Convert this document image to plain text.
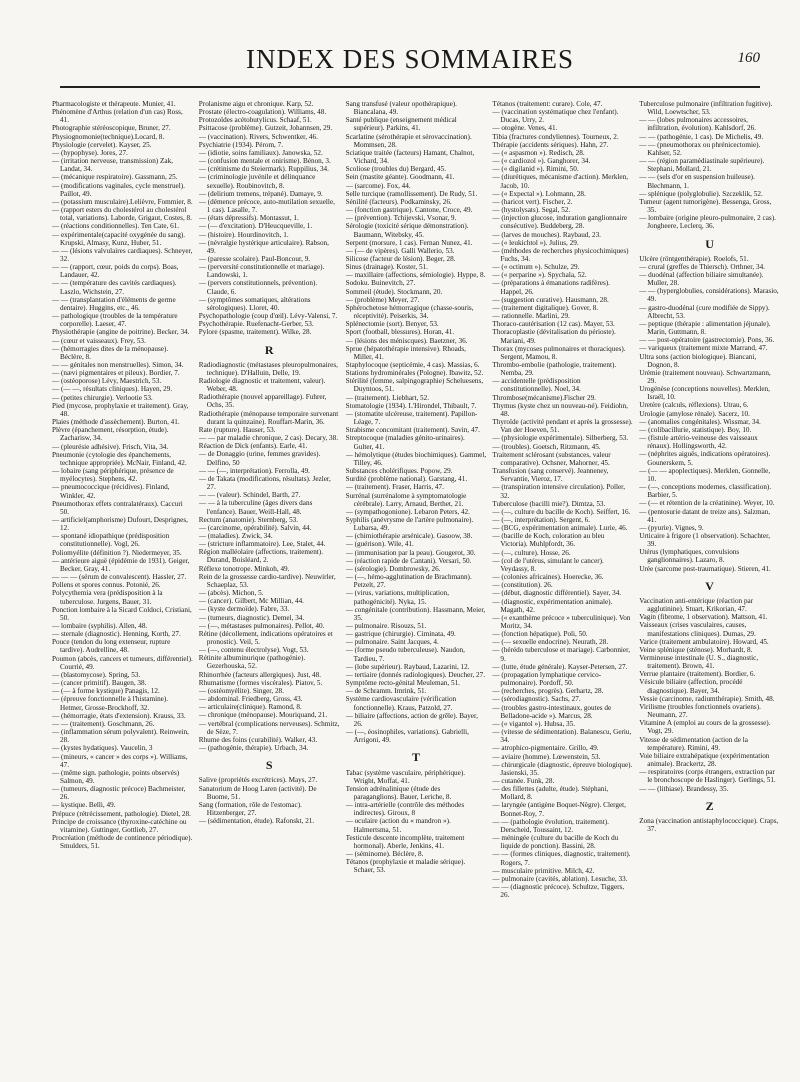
INDEX DES SOMMAIRES	160
Pharmacologiste et thérapeute. Munier, 41.
Phénomène d'Arthus (relation d'un cas) Ross, 41.
Photographie stéréoscopique, Bruner, 27.
Physiognomonie(technique).Locard, 8.
Physiologie (cervelet). Kayser, 25.
— (hypophyse). Jores, 27.
— (irritation nerveuse, transmission) Zak, Landat, 34.
— (mécanique respiratoire). Gassmann, 25.
— (modifications vaginales, cycle menstruel). Paillot, 49.
— (potassium musculaire).Lelièvre, Fommier, 8.
— (rapport esters du cholestérol au cholestérol total, variations). Laborde, Grigaut, Costes, 8.
— (réactions conditionnelles). Ten Cate, 61.
— expérimentale(capacité oxygénée du sang). Krupski, Almasy, Kunz, Huber, 51.
— — (lésions valvulaires cardiaques). Schneyer, 32.
— — (rapport, cœur, poids du corps). Boas, Landauer, 42.
— — (température des cavités cardiaques). Laszlo, Wichstein, 27.
— — (transplantation d'éléments de germe dentaire). Huggins, etc., 46.
— pathologique (troubles de la température corporelle). Laeser, 47.
Physiothérapie (angine de poitrine). Becker, 34.
— (cœur et vaisseaux). Frey, 53.
— (hémorragies dites de la ménopause). Béclère, 8.
— — génitales non menstruelles). Simon, 34.
— (nævi pigmentaires et pileux). Bordier, 7.
— (ostéoporose) Lévy, Maestrich, 53.
— (— —, résultats cliniques). Hayen, 29.
— (petites chirurgie). Verlootie 53.
Pied (mycose, prophylaxie et traitement). Gray, 48.
Plaies (méthode d'assèchement). Burton, 41.
Plèvre (épanchement, résorption, étude). Zacharisw, 34.
— (pleurésie adhésive). Frisch, Vita, 34.
Pneumonie (cytologie des épanchements, technique appropriée). McNair, Finland, 42.
— lobaire (sang périphérique, présence de myélocytes). Stephens, 42.
— pneumococcique (récidives). Finland, Winkler, 42.
Pneumothorax effets contralatéraux). Caccuri 50.
— artificiel(amphorisme) Dufourt, Desprignes, 12.
— spontané idiopathique (prédisposition constitutionnelle). Vogl, 26.
Poliomyélite (définition ?). Niedermeyer, 35.
— antérieure aiguë (épidémie de 1931). Geiger, Becker, Gray, 41.
— — — (sérum de convalescent). Hassler, 27.
Pollens et spores connus. Potonié, 26.
Polycythemia vera (prédisposition à la tuberculose. Jurgens, Bauer, 31.
Ponction lombaire à la Sicard Coldoci, Cristiani, 50.
— lombaire (syphilis). Allen, 48.
— sternale (diagnostic). Henning, Korth, 27.
Pouce (tendon du long extenseur, rupture tardive). Audrelline, 48.
Poumon (abcès, cancers et tumeurs, différentiel). Courrié, 49.
— (blastomycose). Spring, 53.
— (cancer primitif). Baugen, 38.
— (— à forme kystique) Panagis, 12.
— (épreuve fonctionnelle à l'histamine). Hetmer, Grosse-Brockhoff, 32.
— (hémorragie, états d'extension). Krauss, 33.
— — (traitement). Goschmann, 26.
— (inflammation sérum polyvalent). Reinwein, 28.
— (kystes hydatiques). Vaucelin, 3
— (mineurs, « cancer » des corps »). Williams, 47.
— (même sign. pathologie, points observés) Salmon, 49.
— (tumeurs, diagnostic précoce) Bachmeister, 26.
— kystique. Belli, 49.
Prépuce (rétrécissement, pathologie). Dietel, 28.
Principe de croissance (thyroxine-catéchine ou vitamine). Guttinger, Gottlieb, 27.
Procréation (méthode de continence périodique). Smulders, 51.
Prolanisme aigu et chronique. Karp, 52.
Prostate (électro-coagulation). Williams, 48.
Protozoïdes acétobutylicus. Schaaf, 51.
Psittacose (problème). Gutzeit, Johannsen, 29.
— (vaccination). Rivers, Schwentker, 46.
Psychiatrie (1934). Pérom, 7.
— (idiotie, soins familiaux). Janowska, 52.
— (confusion mentale et onirisme). Bénon, 3.
— (crétinisme du Steiermark). Ruppilius, 34.
— (criminologie juvénile et délinquance sexuelle). Roubinovitch, 8.
— (delirium tremens, trépané). Damaye, 9.
— (démence précoce, auto-mutilation sexuelle, 1 cas). Lasalle, 7.
— (états dépressifs). Montassut, 1.
— (— d'excitation). D'Heucqueville, 1.
— (histoire). Hourdinovitch, 1.
— (névralgie hystérique articulaire). Rabson, 49.
— (paresse scolaire). Paul-Boncour, 9.
— (perversité constitutionnelle et mariage). Landowski, 1.
— (pervers constitutionnels, prévention). Claude, 6.
— (symptômes somatiques, altérations sérologiques). Lloret, 40.
Psychopathologie (coup d'œil). Lévy-Valensi, 7.
Psychothérapie. Ruefenacht-Gerber, 53.
Pylore (spasme, traitement). Wilke, 28.
R
Radiodiagnostic (métastases pleuropulmonaires, technique). D'Halluin, Delle, 19.
Radiologie diagnostic et traitement, valeur). Weber, 48.
Radiothérapie (nouvel appareillage). Fuhrer, Ochs, 35.
Radiothérapie (ménopause temporaire survenant durant la quinzaine). Rouffart-Marin, 36.
Rate (rupture). Hauser, 53.
— — par maladie chronique, 2 cas). Decary, 38.
Réaction de Dick (enfants). Earle, 41.
— de Donaggio (urine, femmes gravides). Delfino, 50
— — (—, interprétation). Ferrolla, 49.
— de Takata (modifications, résultats). Jezler, 27.
— — (valeur). Schindel, Barth, 27.
— — à la tuberculine (âges divers dans l'enfance). Bauer, Weill-Hall, 48.
Rectum (anatomie). Sternberg, 53.
— (carcinome, opérabilité). Salvin, 44.
— (maladies). Zwick, 34.
— (stricture inflammatoire). Lee, Stalet, 44.
Région malléolaire (affections, traitement). Durand, Boisléard, 2.
Réflexe tonotrope. Minkoh, 49.
Rein de la grossesse cardio-tardive). Neuwirler, Schaeplaz, 53.
— (abcès). Michon, 5.
— (cancer). Gilbert, Mc Millian, 44.
— (kyste dermoïde). Fabre, 33.
— (tumeurs, diagnostic). Demel, 34.
— (—, métastases pulmonaires). Pellot, 40.
Rétine (décollement, indications opératoires et pronostic). Veil, 5.
— (—, contenu électrolyse). Vogt, 53.
Rétinite albuminurique (pathogénie). Gezerhouska, 52.
Rhinorrhée (facteurs allergiques). Just, 48.
Rhumatisme (formes viscérales). Piatov, 5.
— (ostéomyélite). Singer, 28.
— abdominal. Friedberg, Gross, 43.
— articulaire(clinique). Ramond, 8.
— chronique (ménopause). Mouriquand, 21.
— vertébral (complications nerveuses). Schmitz, de Sèze, 7.
Rhume des foins (curabilité). Walker, 43.
— (pathogénie, thérapie). Urbach, 34.
S
Salive (propriétés excrétrices). Mays, 27.
Sanatorium de Hoog Laren (activité). De Buome, 51.
Sang (formation, rôle de l'estomac). Hitzenberger, 27.
— (sédimentation, étude). Rafonskt, 21.
Sang transfusé (valeur opothérapique). Biancalana, 49.
Santé publique (enseignement médical supérieur). Parkins, 41.
Scarlatine (sérothérapie et sérovaccination). Mommsen, 28.
Sciatique traitée (facteurs) Hamant, Chalnot, Vichard, 34.
Scoliose (troubles du) Bergard, 45.
Sein (mastite géante). Goodmann, 41.
— (sarcome). Fox, 44.
Selle turcique (ramollissement). De Rudy, 51.
Sénilité (facteurs). Podkaminsky, 26.
— (fonction gastrique). Cantone, Croce, 49.
— (prévention). Tchijevski, Vsonar, 9.
Sérologie (toxicité sérique démonstration). Baumann, Witebsky, 45.
Serpent (morsure, 1 cas). Fernan Nunez, 41.
— (— de vipères). Galli Wallerio, 53.
Silicose (facteur de lésion). Beger, 28.
Sinus (drainage). Koster, 51.
— maxillaire (affections, sémiologie). Hyppe, 8.
Sodoku. Buinevitch, 27.
Sommeil (étude). Stockmann, 20.
— (problème) Meyer, 27.
Sphérochetose hémorragique (chasse-souris, réceptivité). Peiserkis, 34.
Splénectomie (sort). Benyer, 53.
Sport (football, blessures). Horan, 41.
— (lésions des méniscques). Baetzner, 36.
Sprue (hépatothérapie intensive). Rhoads, Miller, 41.
Staphylocoque (septicémie, 4 cas). Massias, 6.
Stations hydrominérales (Pologne). Ibawitz, 52.
Stérilité (femme, salpingographie) Scheluesens, Duyntoos, 51.
— (traitement). Liebhart, 52.
Stomatologie (1934). L'Hirondel, Thibault, 7.
— (stomatite ulcéreuse, traitement). Papillon-Léage, 7.
Strabisme concomitant (traitement). Savin, 47.
Streptocoque (maladies génito-urinaires). Gulter, 41.
— hémolytique (études biochimiques). Gammel, Tilley, 46.
Substances cholérifiques. Popow, 29.
Surdité (problème national). Garstang, 41.
— (traitement). Fraser, Harris, 47.
Surrénal (surrénalome à symptomatologie cérébrale). Larry, Arnaud, Berthet, 21.
— (sympathogonione). Lebaron Peters, 42.
Syphilis (anévrysme de l'artère pulmonaire). Lubarsa, 49.
— (chimiothérapie arsénicale). Gasoow, 38.
— (guérison). Wile, 41.
— (immunisation par la peau). Gougerot, 30.
— (réaction rapide de Cantani). Versari, 50.
— (sérologie). Dombrowsky, 26.
— (—, hémo-agglutination de Brachmann). Petzelt, 27.
— (virus, variations, multiplication, pathogénicité). Nyka, 15.
— congénitale (contribution). Hassmann, Meier, 35.
— pulmonaire. Risouzs, 51.
— gastrique (chirurgie). Ciminata, 49.
— pulmonaire. Saint Jacques, 4.
— (forme pseudo tuberculeuse). Naudon, Tardieu, 7.
— (lobe supérieur). Raybaud, Lazarini, 12.
— tertiaire (donnés radiologiques). Deucher, 27.
Symptôme recto-génital Meuleman, 51.
— de Schramm. Imrink, 51.
Système cardiovasculaire (vérification fonctionnelle). Kraus, Patzold, 27.
— biliaire (affections, action de grêle). Bayer, 26.
— (—, éosinophiles, variations). Gabrielli, Arrigoni, 49.
T
Tabac (système vasculaire, périphérique). Wright, Moffat, 41.
Tension adrénalinique (étude des paraganglions). Bauer, Leriche, 8.
— intra-artérielle (contrôle des méthodes indirectes). Giroux, 8
— oculaire (action du « mandron »). Halmertsma, 51.
Testicule descente incomplète, traitement hormonal). Aberle, Jenkins, 41.
— (séminome). Béclère, 8.
Tétanos (prophylaxie et maladie sérique). Schaer, 53.
Tétanos (traitement: curare). Cole, 47.
— (vaccination systématique chez l'enfant). Ducas, Urry, 2.
— otogène. Venes, 41.
Tibia (fractures condyliennes). Tourneux, 2.
Thérapie (accidents sériques). Hahn, 27.
— (« aspasmon »). Redisch, 28.
— (« cardiozol »). Ganghorer, 34.
— (« digilanid »). Rimini, 50.
— (diurétiques, mécanisme d'action). Merklen, Jacob, 10.
— (« Expectal »). Lohmann, 28.
— (haricot vert). Fischer, 2.
— (hystolysats). Segal, 52.
— (injection glucose, induration ganglionnaire consécutive). Buddeberg, 28.
— (larves de mouches). Raybaud, 23.
— (« leukichtol »). Julius, 29.
— (méthodes de recherches physicochimiques) Fuchs, 34.
— (« octinum »). Schulze, 29.
— (« perparine »). Spychala, 52.
— (préparations à émanations radifères). Happel, 26.
— (suggestion curative). Hausmann, 28.
— (traitement digitalique). Gover, 8.
— rationnelle. Marlini, 29.
Thoraco-cautérisation (12 cas). Mayer, 53.
Thoracoplastie (dévitalisation du périoste). Mariani, 49.
Thorax (mycoses pulmonaires et thoraciques). Sergent, Mamou, 8.
Thrombo-embolie (pathologie, traitement). Nemba, 29.
— accidentelle (prédisposition constitutionnelle). Noel, 34.
Thrombose(mécanisme).Fischer 29.
Thymus (kyste chez un nouveau-né). Feidiohn, 48.
Thyroïde (activité pendant et après la grossesse). Van der Hoeven, 51.
— (physiologie expérimentale). Silberberg, 53.
— (troubles). Goetsch, Ritzmann, 45.
Traitement sclérosant (substances, valeur comparative). Ochsner, Mahorner, 45.
Transfusion (sang conservé). Jeanneney, Servantie, Vieroz, 17.
— (transpiration intensive circulation). Poller, 32.
Tuberculose (bacilli mie?). Dimtza, 53.
— (—, culture du bacille de Koch). Seiffert, 16.
— (—, interprétation). Sergent, 6.
— (BCG, expérimentation animale). Lurie, 46.
— (bacille de Koch, coloration au bleu Victoria). Muhlpfordt, 36.
— (—, culture). Hosse, 26.
— (col de l'utérus, simulant le cancer). Veydassy, 8.
— (colonies africaines). Hoerecke, 36.
— (constitution). 26.
— (début, diagnostic différentiel). Sayer, 34.
— (diagnostic, expérimentation animale). Magath, 42.
— (« exanthème précoce » tuberculinique). Von Moritz, 34.
— (fonction hépatique). Poli, 50.
— (— sexuelle endocrine). Neurath, 28.
— (hérédo tuberculose et mariage). Carbonnier, 9.
— (lutte, étude générale). Kayser-Petersen, 27.
— (propagation lymphatique cervico-pulmonaire). Pordoff, 50.
— (recherches, progrès). Gerhartz, 28.
— (sérodiagnostic). Sachs, 27.
— (troubles gastro-intestinaux, goutes de Belladone-acide »). Marcus, 28.
— (« vigantol »). Hubsa, 35.
— (vitesse de sédimentation). Balanescu, Geriu, 34.
— atrophico-pigmentaire. Grillo, 49.
— aviaire (homme). Lœwenstein, 53.
— chirurgicale (diagnostic, épreuve biologique). Jasienski, 35.
— cutanée. Funk, 28.
— des fillettes (adulte, étude). Stéphani, Mollard, 8.
— laryngée (antigène Boquet-Nègre). Clerget, Bonnet-Roy, 7.
— — (pathologie évolution, traitement). Derscheid, Toussaint, 12.
— méningée (culture du bacille de Koch du liquide de ponction). Bassini, 28.
— — (formes cliniques, diagnostic, traitement). Rogers, 7.
— musculaire primitive. Milch, 42.
— pulmonaire (cavités, ablation). Lesuche, 33.
— — (diagnostic précoce). Schultze, Tiggers, 26.
Tuberculose pulmonaire (infiltration fugitive). Wild, Loewtscher, 53.
— — (lobes pulmonaires accessoires, infiltration, évolution). Kahlsdorf, 26.
— — (pathogénie, 1 cas). De Michelis, 49.
— — (pneumothorax ou phrénicectomie). Kahlser, 52.
— — (région paramédiastinale supérieure). Stephani, Mollard, 21.
— — (sels d'or en suspension huileuse). Blechmann, 1.
— splénique (polyglobulie). Szczeklik, 52.
Tumeur (agent tumorigène). Bessenga, Gross, 35.
— lombaire (origine pleuro-pulmonaire, 2 cas). Jongheere, Leclerq, 36.
U
Ulcère (röntgenthérapie). Roelofs, 51.
— crural (greffes de Thiersch). Orthner, 34.
— duodénal (affection biliaire simultanée). Muller, 28.
— — (hyperglobulies, considérations). Marasio, 49.
— gastro-duodénal (cure modifiée de Sippy). Albrecht, 53.
— peptique (thérapie : alimentation jéjunale). Marin, Guttmann, 8.
— — post-opératoire (gastrectomie). Pons, 36.
— variqueux (traitement mixte Marrand, 47.
Ultra sons (action biologique). Biancani, Dognon, 8.
Urémie (traitement nouveau). Schwartzmann, 29.
Urogénèse (conceptions nouvelles). Merklen, Israël, 10.
Uretère (calculs, réflexions). Utrau, 6.
Urologie (amylose rénale). Sacerz, 10.
— (anomalies congénitales). Wissmar, 34.
— (colibacillurie, statistique). Boy, 10.
— (fistule artério-veineuse des vaisseaux rénaux). Hollingsworth, 42.
— (néphrites aiguës, indications opératoires). Gounerskem, 5.
— (— — apoplectiques). Merklen, Gonnelle, 10.
— (—, conceptions modernes, classification). Barbier, 5.
— (— et rétention de la créatinine). Weyer, 10.
— (pentosurie datant de treize ans). Salzman, 41.
— (pyurie). Vignes, 9.
Urticaire à frigore (1 observation). Schachter, 39.
Utérus (lymphatiques, convulsions ganglionnaires). Lazaro, 8.
Urée (sarcome post-traumatique). Stieren, 41.
V
Vaccination anti-entérique (réaction par agglutinine). Stuart, Krikorian, 47.
Vagin (fibrome, 1 observation). Mattson, 41.
Vaisseaux (crises vasculaires, causes, manifestations cliniques). Dumas, 29.
Varice (traitement ambulatoire). Howard, 45.
Veine splénique (sténose). Morhardt, 8.
Vermineuse intestinale (U. S., diagnostic, traitement). Brown, 41.
Verrue plantaire (traitement). Bordier, 6.
Vésicule biliaire (affection, procédé diagnostique). Bayer, 34.
Vessie (carcinome, radiumthérapie). Smith, 48.
Virilisme (troubles fonctionnels ovariens). Neumann, 27.
Vitamine A (emploi au cours de la grossesse). Vogt, 29.
Vitesse de sédimentation (action de la température). Rimini, 49.
Voie biliaire extrahépatique (expérimentation animale). Brackertz, 28.
— respiratoires (corps étrangers, extraction par le bronchoscope de Haslinger). Gerlings, 51.
— — (lithiase). Brandessy, 35.
Z
Zona (vaccination antistaphylococcique). Craps, 37.
